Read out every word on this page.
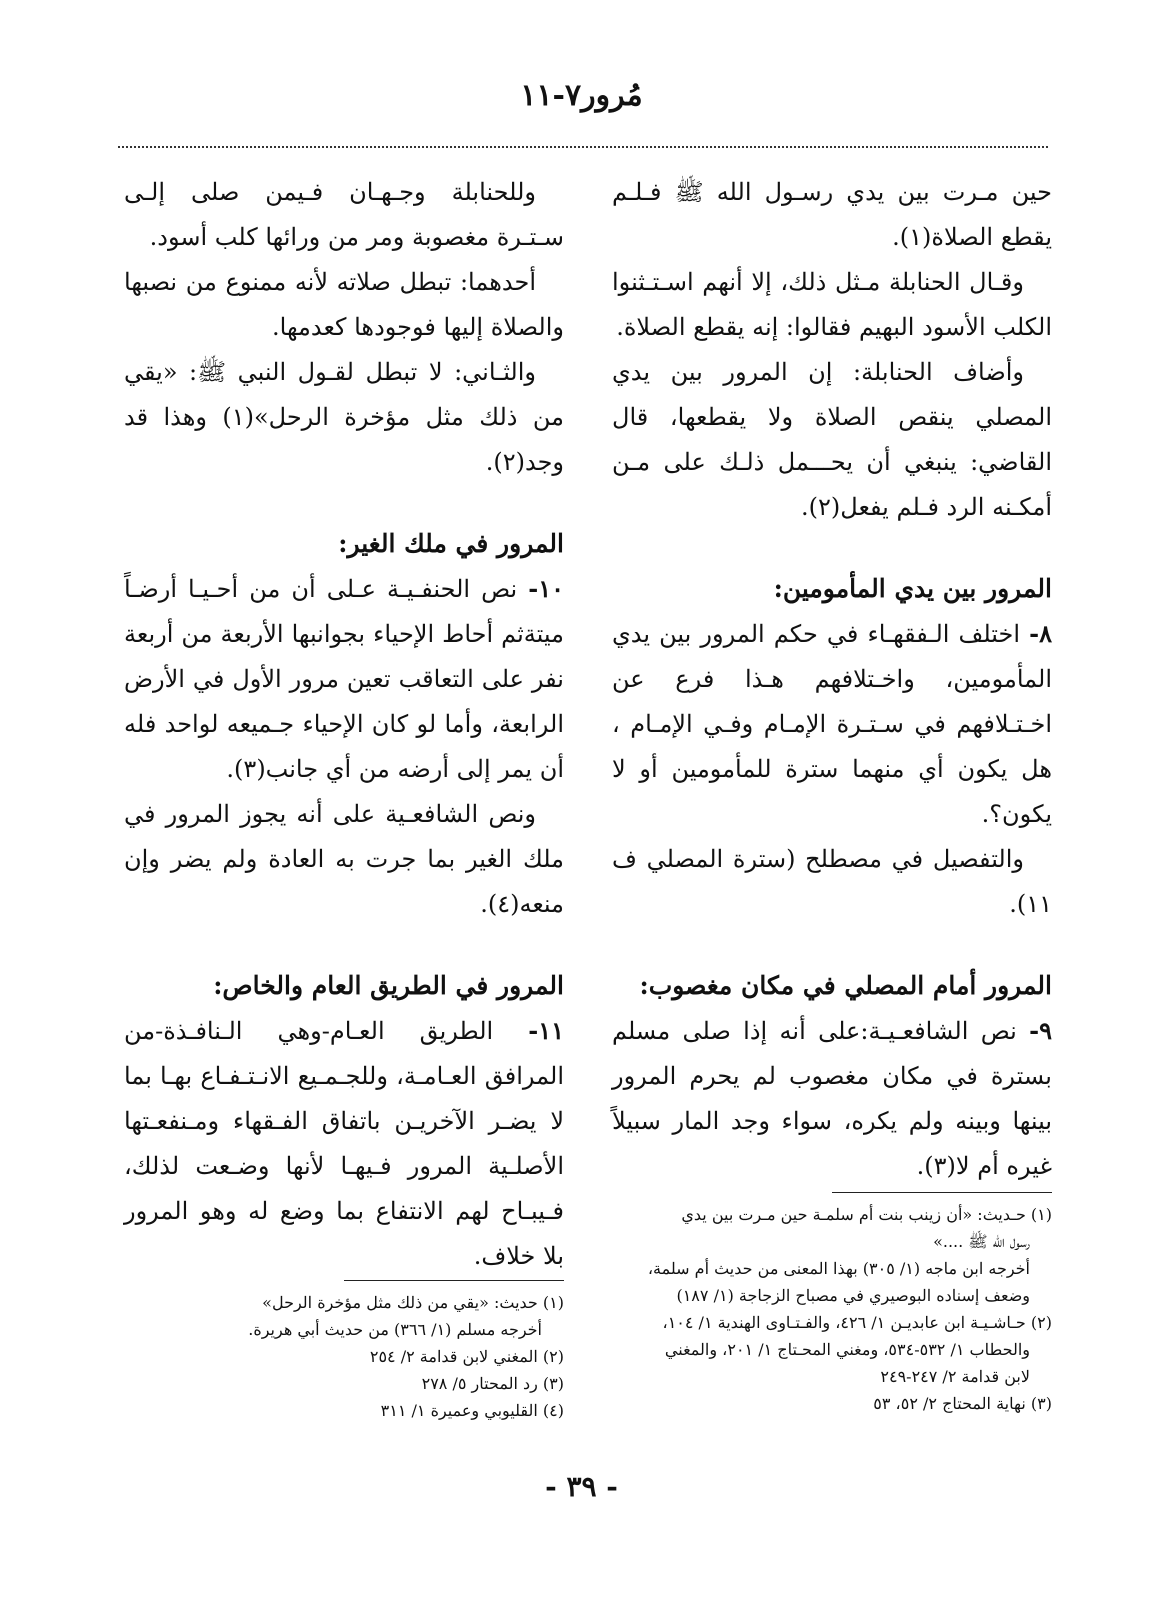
مُرور٧-١١

حين مـرت بين يدي رسـول الله ﷺ فـلـم يقطع الصلاة(١).

وقـال الحنابلة مـثل ذلك، إلا أنهم اسـتـثنوا الكلب الأسود البهيم فقالوا: إنه يقطع الصلاة.

وأضاف الحنابلة: إن المرور بين يدي المصلي ينقص الصلاة ولا يقطعها، قال القاضي: ينبغي أن يحـــمل ذلـك على مـن أمكـنه الرد فـلم يفعل(٢).

المرور بين يدي المأمومين:

٨- اختلف الـفقهـاء في حكم المرور بين يدي المأمومين، واخـتلافهم هـذا فرع عن اخـتـلافهم في سـتـرة الإمـام وفـي الإمـام ، هل يكون أي منهما سترة للمأمومين أو لا يكون؟.

والتفصيل في مصطلح (سترة المصلي ف ١١).

المرور أمام المصلي في مكان مغصوب:

٩- نص الشافعـيـة:على أنه إذا صلى مسلم بسترة في مكان مغصوب لم يحرم المرور بينها وبينه ولم يكره، سواء وجد المار سبيلاً غيره أم لا(٣).

وللحنابلة وجـهـان فـيمن صلى إلـى سـتـرة مغصوبة ومر من ورائها كلب أسود.

أحدهما: تبطل صلاته لأنه ممنوع من نصبها والصلاة إليها فوجودها كعدمها.

والثـاني: لا تبطل لقـول النبي ﷺ: «يقي من ذلك مثل مؤخرة الرحل»(١) وهذا قد وجد(٢).

المرور في ملك الغير:

١٠- نص الحنفـيـة عـلى أن من أحـيـا أرضـاً ميتةثم أحاط الإحياء بجوانبها الأربعة من أربعة نفر على التعاقب تعين مرور الأول في الأرض الرابعة، وأما لو كان الإحياء جـميعه لواحد فله أن يمر إلى أرضه من أي جانب(٣).

ونص الشافعـية على أنه يجوز المرور في ملك الغير بما جرت به العادة ولم يضر وإن منعه(٤).

المرور في الطريق العام والخاص:

١١- الطريق العـام-وهي الـنافـذة-من المرافق العـامـة، وللجـمـيع الانـتـفـاع بهـا بما لا يضـر الآخريـن باتفاق الفـقهاء ومـنفعـتها الأصلـية المرور فـيهـا لأنها وضـعت لذلك، فـيبـاح لهم الانتفاع بما وضع له وهو المرور بلا خلاف.

(١) حـديث: «أن زينب بنت أم سلمـة حين مـرت بين يدي

رسول الله ﷺ ....»

أخرجه ابن ماجه (١/ ٣٠٥) بهذا المعنى من حديث أم سلمة،

وضعف إسناده البوصيري في مصباح الزجاجة (١/ ١٨٧)

(٢) حـاشـيـة ابن عابديـن ١/ ٤٢٦، والفـتـاوى الهندية ١/ ١٠٤،

والحطاب ١/ ٥٣٢-٥٣٤، ومغني المحـتاج ١/ ٢٠١، والمغني

لابن قدامة ٢/ ٢٤٧-٢٤٩

(٣) نهاية المحتاج ٢/ ٥٢، ٥٣

(١) حديث: «يقي من ذلك مثل مؤخرة الرحل»

أخرجه مسلم (١/ ٣٦٦) من حديث أبي هريرة.

(٢) المغني لابن قدامة ٢/ ٢٥٤

(٣) رد المحتار ٥/ ٢٧٨

(٤) القليوبي وعميرة ١/ ٣١١

- ٣٩ -
